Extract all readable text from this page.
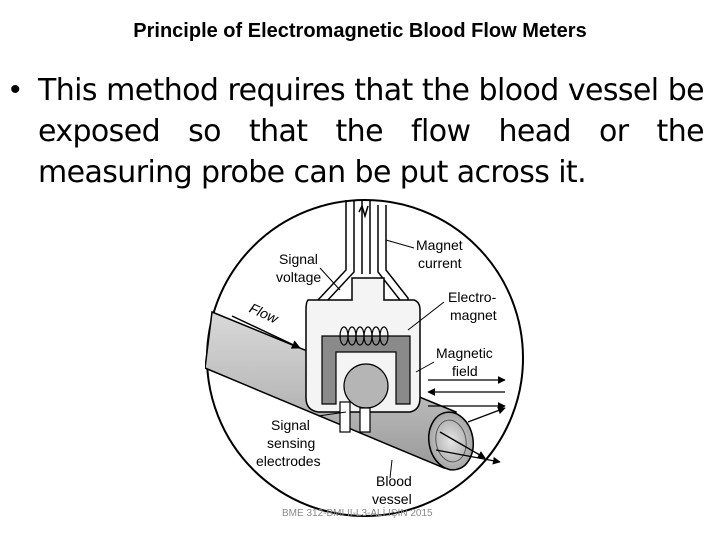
Principle of Electromagnetic Blood Flow Meters
• This method requires that the blood vessel be exposed so that the flow head or the measuring probe can be put across it.
Flow
Signal
voltage
Magnet
current
Electro-
magnet
Magnetic
field
Signal
sensing
electrodes
Blood
vessel
BME 312-BMI II-L3-ALİ IŞIN 2015
